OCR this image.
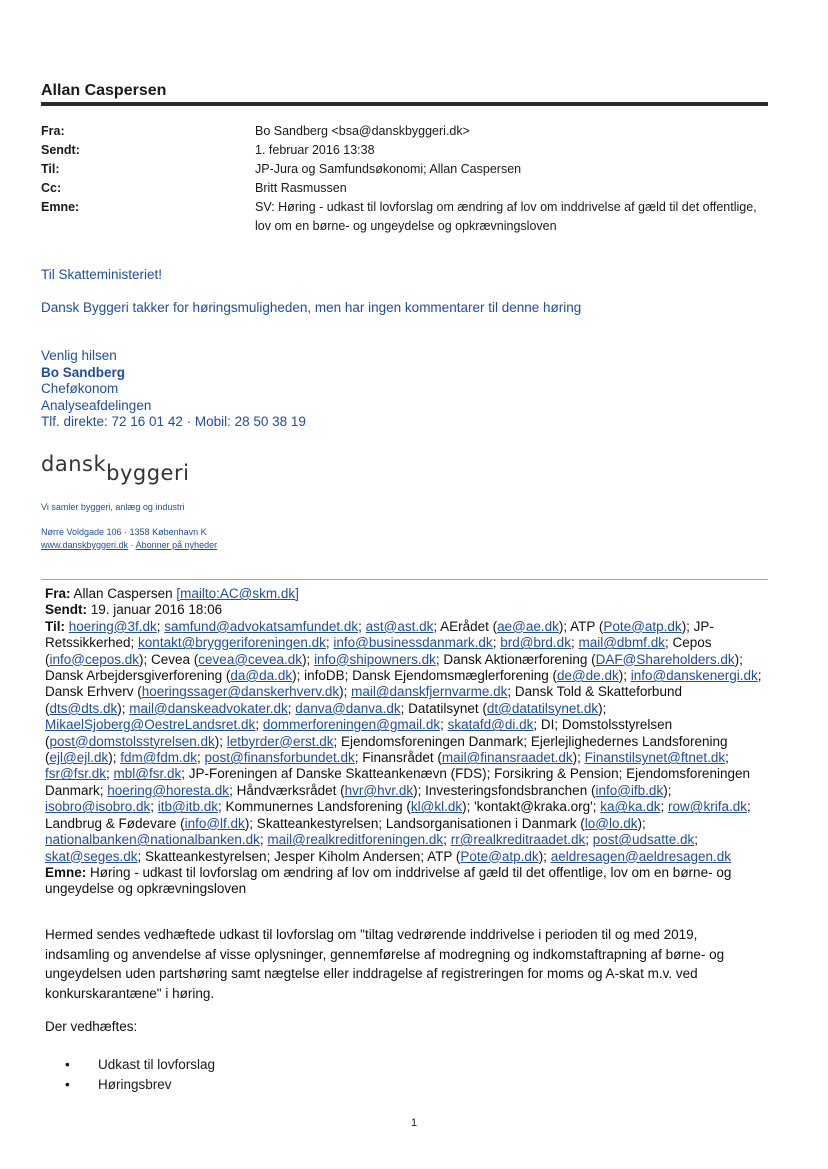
Allan Caspersen
Fra:	Bo Sandberg <bsa@danskbyggeri.dk>
Sendt:	1. februar 2016 13:38
Til:	JP-Jura og Samfundsøkonomi; Allan Caspersen
Cc:	Britt Rasmussen
Emne:	SV: Høring - udkast til lovforslag om ændring af lov om inddrivelse af gæld til det offentlige, lov om en børne- og ungeydelse og opkrævningsloven
Til Skatteministeriet!
Dansk Byggeri takker for høringsmuligheden, men har ingen kommentarer til denne høring
Venlig hilsen
Bo Sandberg
Cheføkonom
Analyseafdelingen
Tlf. direkte: 72 16 01 42 · Mobil: 28 50 38 19
danskbyggeri
Vi samler byggeri, anlæg og industri
Nørre Voldgade 106 · 1358 København K
www.danskbyggeri.dk · Abonner på nyheder
Fra: Allan Caspersen [mailto:AC@skm.dk]
Sendt: 19. januar 2016 18:06
Til: hoering@3f.dk; samfund@advokatsamfundet.dk; ast@ast.dk; AErådet (ae@ae.dk); ATP (Pote@atp.dk); JP-Retssikkerhed; kontakt@bryggeriforeningen.dk; info@businessdanmark.dk; brd@brd.dk; mail@dbmf.dk; Cepos (info@cepos.dk); Cevea (cevea@cevea.dk); info@shipowners.dk; Dansk Aktionærforening (DAF@Shareholders.dk); Dansk Arbejdersgiverforening (da@da.dk); infoDB; Dansk Ejendomsmæglerforening (de@de.dk); info@danskenergi.dk; Dansk Erhverv (hoeringssager@danskerhverv.dk); mail@danskfjernvarme.dk; Dansk Told & Skatteforbund (dts@dts.dk); mail@danskeadvokater.dk; danva@danva.dk; Datatilsynet (dt@datatilsynet.dk); MikaelSjoberg@OestreLandsret.dk; dommerforeningen@gmail.dk; skatafd@di.dk; DI; Domstolsstyrelsen (post@domstolsstyrelsen.dk); letbyrder@erst.dk; Ejendomsforeningen Danmark; Ejerlejlighedernes Landsforening (ejl@ejl.dk); fdm@fdm.dk; post@finansforbundet.dk; Finansrådet (mail@finansraadet.dk); Finanstilsynet@ftnet.dk; fsr@fsr.dk; mbl@fsr.dk; JP-Foreningen af Danske Skatteankenævn (FDS); Forsikring & Pension; Ejendomsforeningen Danmark; hoering@horesta.dk; Håndværksrådet (hvr@hvr.dk); Investeringsfondsbranchen (info@ifb.dk); isobro@isobro.dk; itb@itb.dk; Kommunernes Landsforening (kl@kl.dk); 'kontakt@kraka.org'; ka@ka.dk; row@krifa.dk; Landbrug & Fødevare (info@lf.dk); Skatteankestyrelsen; Landsorganisationen i Danmark (lo@lo.dk); nationalbanken@nationalbanken.dk; mail@realkreditforeningen.dk; rr@realkreditraadet.dk; post@udsatte.dk; skat@seges.dk; Skatteankestyrelsen; Jesper Kiholm Andersen; ATP (Pote@atp.dk); aeldresagen@aeldresagen.dk
Emne: Høring - udkast til lovforslag om ændring af lov om inddrivelse af gæld til det offentlige, lov om en børne- og ungeydelse og opkrævningsloven
Hermed sendes vedhæftede udkast til lovforslag om "tiltag vedrørende inddrivelse i perioden til og med 2019, indsamling og anvendelse af visse oplysninger, gennemførelse af modregning og indkomstaftrapning af børne- og ungeydelsen uden partshøring samt nægtelse eller inddragelse af registreringen for moms og A-skat m.v. ved konkurskarantæne" i høring.
Der vedhæftes:
• Udkast til lovforslag
• Høringsbrev
1
